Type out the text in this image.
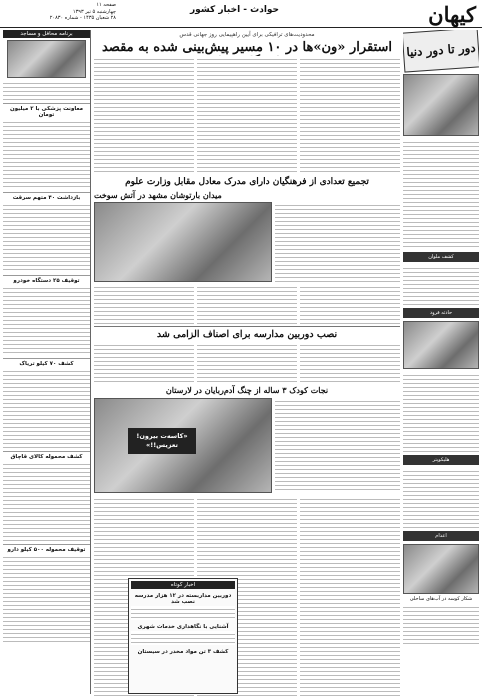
کیهان
حوادث - اخبار کشور
صفحه ۱۱
چهارشنبه ۵ تیر ۱۳۹۳
۲۸ شعبان ۱۴۳۵ - شماره ۲۰۸۳۰
محدودیت‌های ترافیکی برای آیین راهپیمایی روز جهانی قدس
استقرار «ون»ها در ۱۰ مسیر پیش‌بینی شده به مقصد
برنامه محافل و مساجد
معاونت پزشکی با ۲ میلیون تومان
بازداشت ۴۰ متهم سرقت
توقیف ۲۵ دستگاه خودرو
کشف ۷۰ کیلو تریاک
کشف محموله کالای قاچاق
توقیف محموله ۵۰۰ کیلو دارو
دور تا دور دنیا
کشف ملوان
حادثه فرود
هلیکوپتر
اعدام
شکار کوسه در آب‌های ساحلی
تجمیع تعدادی از فرهنگیان دارای مدرک معادل مقابل وزارت علوم
میدان بارتوشان مشهد در آتش سوخت
نصب دوربین مدارسه برای اصناف الزامی شد
نجات کودک ۳ ساله از چنگ آدم‌ربایان در لارستان
«کاسه‌ت بیرون! تعزیس!!»
اخبار کوتاه
دوربین مداربسته در ۱۲ هزار مدرسه نصب شد
آشنایی با نگاهداری خدمات شهری
کشف ۳ تن مواد مخدر در سیستان
